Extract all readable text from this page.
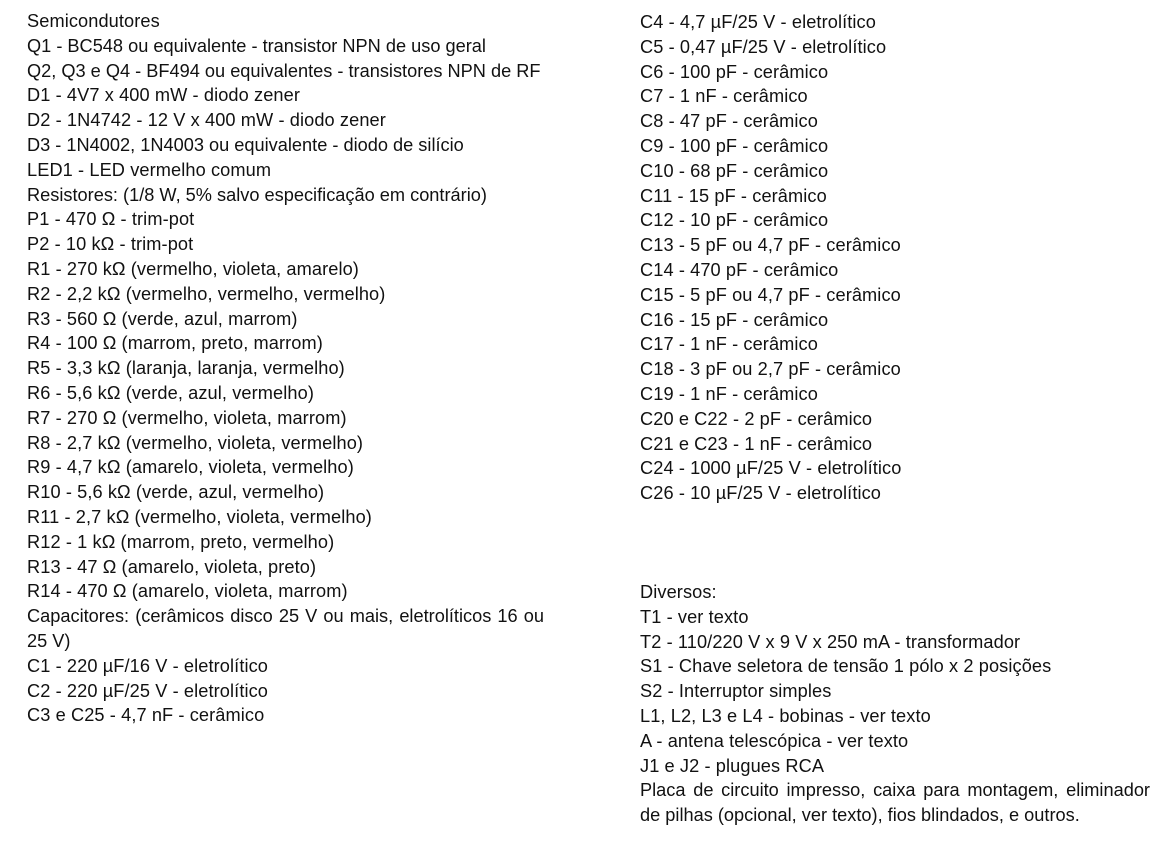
Semicondutores
Q1 - BC548 ou equivalente - transistor NPN de uso geral
Q2, Q3 e Q4 - BF494 ou equivalentes - transistores NPN de RF
D1 - 4V7 x 400 mW - diodo zener
D2 - 1N4742 - 12 V x 400 mW - diodo zener
D3 - 1N4002, 1N4003 ou equivalente - diodo de silício
LED1 - LED vermelho comum
Resistores: (1/8 W, 5% salvo especificação em contrário)
P1 - 470 Ω - trim-pot
P2 - 10 kΩ - trim-pot
R1 - 270 kΩ (vermelho, violeta, amarelo)
R2 - 2,2 kΩ (vermelho, vermelho, vermelho)
R3 - 560 Ω (verde, azul, marrom)
R4 - 100 Ω (marrom, preto, marrom)
R5 - 3,3 kΩ (laranja, laranja, vermelho)
R6 - 5,6 kΩ (verde, azul, vermelho)
R7 - 270 Ω (vermelho, violeta, marrom)
R8 - 2,7 kΩ (vermelho, violeta, vermelho)
R9 - 4,7 kΩ (amarelo, violeta, vermelho)
R10 - 5,6 kΩ (verde, azul, vermelho)
R11 - 2,7 kΩ (vermelho, violeta, vermelho)
R12 - 1 kΩ (marrom, preto, vermelho)
R13 - 47 Ω (amarelo, violeta, preto)
R14 - 470 Ω (amarelo, violeta, marrom)
Capacitores: (cerâmicos disco 25 V ou mais, eletrolíticos 16 ou 25 V)
C1 - 220 µF/16 V - eletrolítico
C2 - 220 µF/25 V - eletrolítico
C3 e C25 - 4,7 nF - cerâmico
C4 - 4,7 µF/25 V - eletrolítico
C5 - 0,47 µF/25 V - eletrolítico
C6 - 100 pF - cerâmico
C7 - 1 nF - cerâmico
C8 - 47 pF - cerâmico
C9 - 100 pF - cerâmico
C10 - 68 pF - cerâmico
C11 - 15 pF - cerâmico
C12 - 10 pF - cerâmico
C13 - 5 pF ou 4,7 pF - cerâmico
C14 - 470 pF - cerâmico
C15 - 5 pF ou 4,7 pF - cerâmico
C16 - 15 pF - cerâmico
C17 - 1 nF - cerâmico
C18 - 3 pF ou 2,7 pF - cerâmico
C19 - 1 nF - cerâmico
C20 e C22 - 2 pF - cerâmico
C21 e C23 - 1 nF - cerâmico
C24 - 1000 µF/25 V - eletrolítico
C26 - 10 µF/25 V - eletrolítico
Diversos:
T1 - ver texto
T2 - 110/220 V x 9 V x 250 mA - transformador
S1 - Chave seletora de tensão 1 pólo x 2 posições
S2 - Interruptor simples
L1, L2, L3 e L4 - bobinas - ver texto
A - antena telescópica - ver texto
J1 e J2 - plugues RCA
Placa de circuito impresso, caixa para montagem, eliminador de pilhas (opcional, ver texto), fios blindados, e outros.
